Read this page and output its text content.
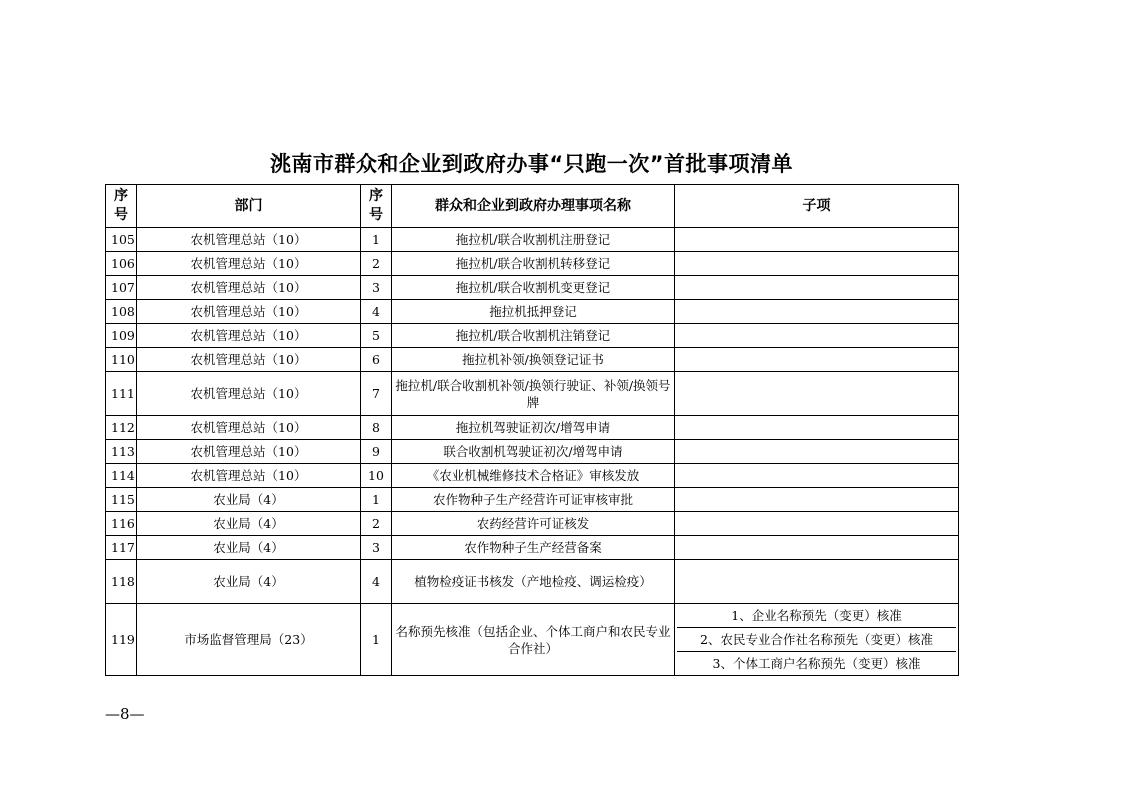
洮南市群众和企业到政府办事“只跑一次”首批事项清单
序
号	部门	序
号	群众和企业到政府办理事项名称	子项
105	农机管理总站（10）	1	拖拉机/联合收割机注册登记	

106	农机管理总站（10）	2	拖拉机/联合收割机转移登记	

107	农机管理总站（10）	3	拖拉机/联合收割机变更登记	

108	农机管理总站（10）	4	拖拉机抵押登记	

109	农机管理总站（10）	5	拖拉机/联合收割机注销登记	

110	农机管理总站（10）	6	拖拉机补领/换领登记证书	

111	农机管理总站（10）	7	拖拉机/联合收割机补领/换领行驶证、补领/换领号牌	

112	农机管理总站（10）	8	拖拉机驾驶证初次/增驾申请	

113	农机管理总站（10）	9	联合收割机驾驶证初次/增驾申请	

114	农机管理总站（10）	10	《农业机械维修技术合格证》审核发放	

115	农业局（4）	1	农作物种子生产经营许可证审核审批	

116	农业局（4）	2	农药经营许可证核发	

117	农业局（4）	3	农作物种子生产经营备案	

118	农业局（4）	4	植物检疫证书核发（产地检疫、调运检疫）	

119	市场监督管理局（23）	1	名称预先核准（包括企业、个体工商户和农民专业合作社）	1、企业名称预先（变更）核准
2、农民专业合作社名称预先（变更）核准
3、个体工商户名称预先（变更）核准
—8—
